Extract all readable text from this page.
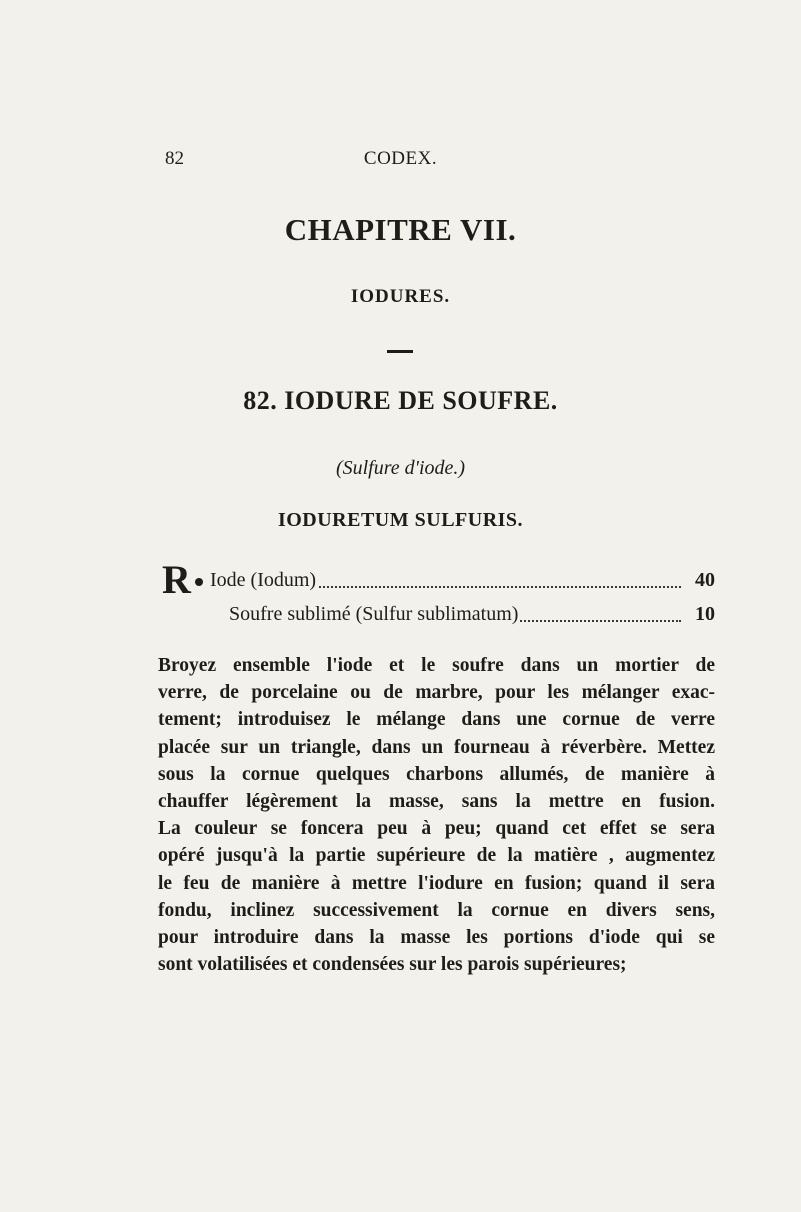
82	CODEX.
CHAPITRE VII.
IODURES.
82. IODURE DE SOUFRE.
(Sulfure d'iode.)
IODURETUM SULFURIS.
R Iode (Iodum)	40
Soufre sublimé (Sulfur sublimatum)	10
Broyez ensemble l'iode et le soufre dans un mortier de
verre, de porcelaine ou de marbre, pour les mélanger exac-
tement; introduisez le mélange dans une cornue de verre
placée sur un triangle, dans un fourneau à réverbère. Mettez
sous la cornue quelques charbons allumés, de manière à
chauffer légèrement la masse, sans la mettre en fusion.
La couleur se foncera peu à peu; quand cet effet se sera
opéré jusqu'à la partie supérieure de la matière , augmentez
le feu de manière à mettre l'iodure en fusion; quand il sera
fondu, inclinez successivement la cornue en divers sens,
pour introduire dans la masse les portions d'iode qui se
sont volatilisées et condensées sur les parois supérieures;
